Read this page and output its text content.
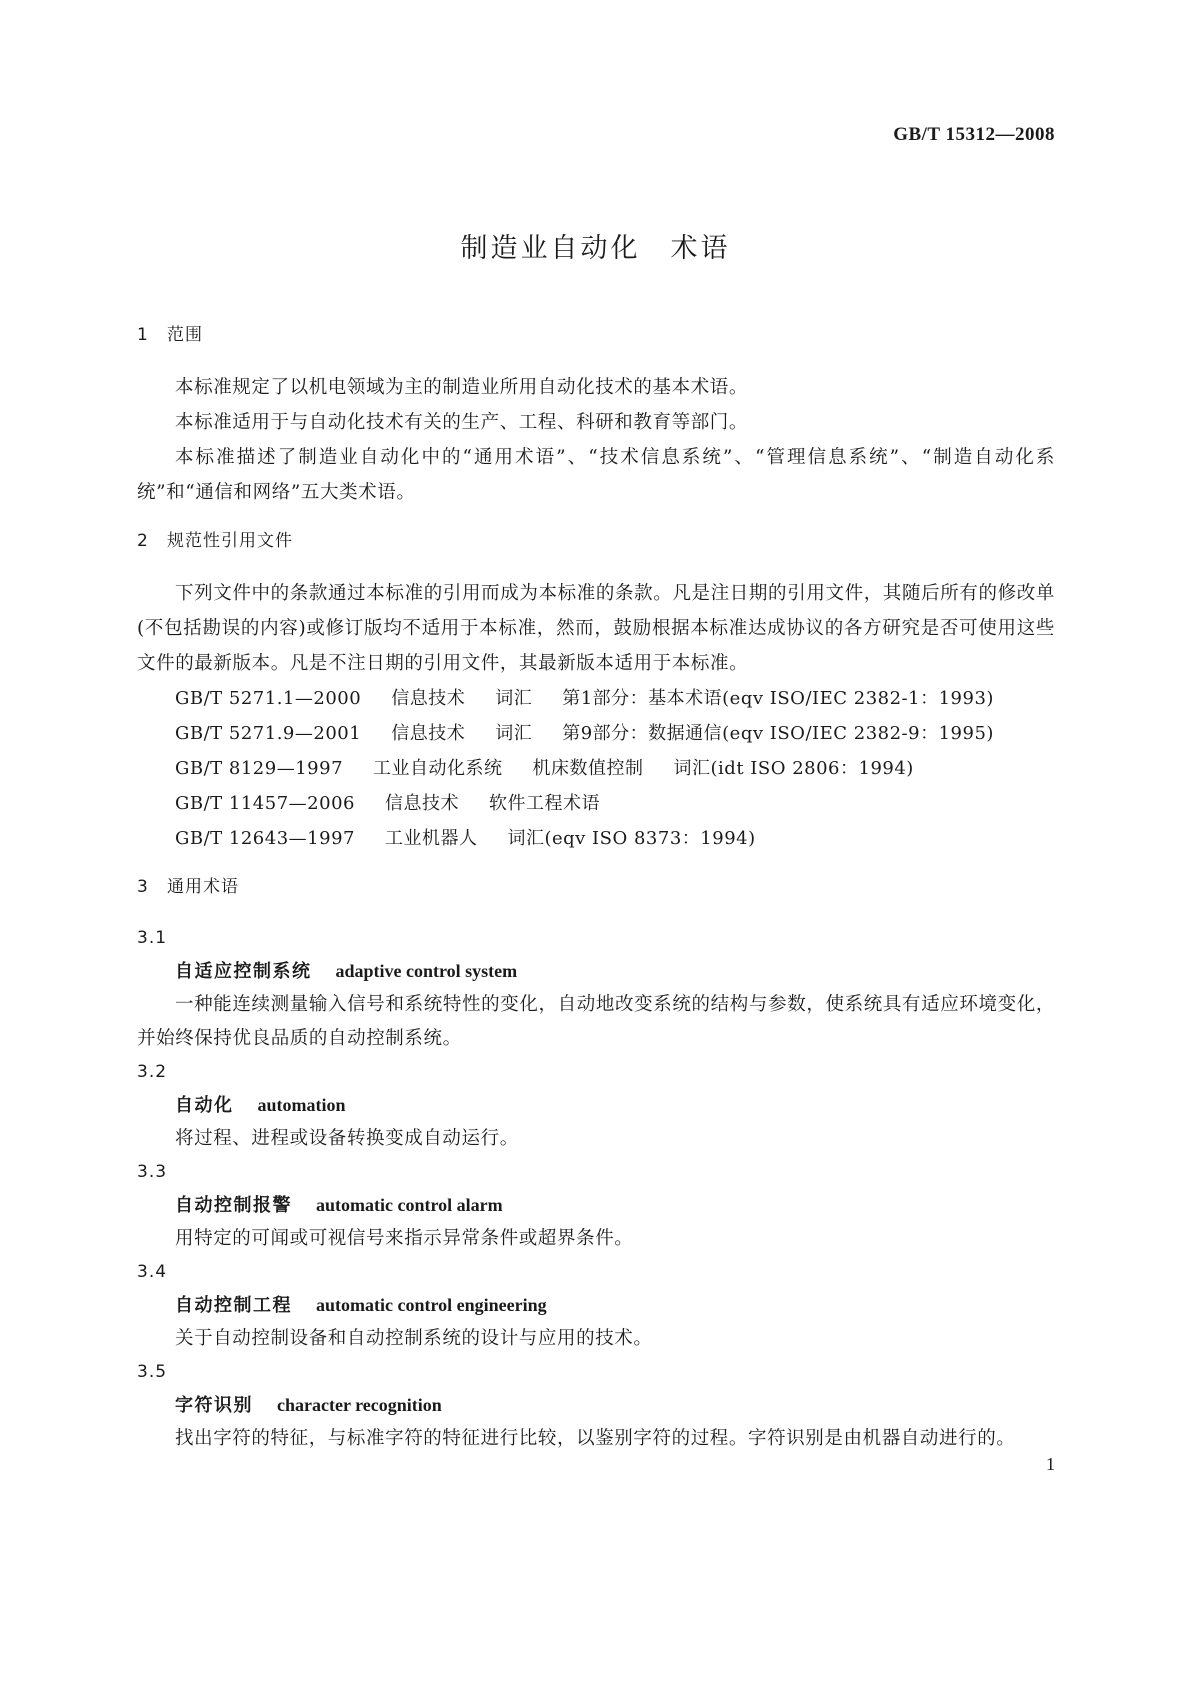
GB/T 15312—2008
制造业自动化　术语
1 范围
本标准规定了以机电领域为主的制造业所用自动化技术的基本术语。
本标准适用于与自动化技术有关的生产、工程、科研和教育等部门。
本标准描述了制造业自动化中的“通用术语”、“技术信息系统”、“管理信息系统”、“制造自动化系统”和“通信和网络”五大类术语。
2 规范性引用文件
下列文件中的条款通过本标准的引用而成为本标准的条款。凡是注日期的引用文件，其随后所有的修改单(不包括勘误的内容)或修订版均不适用于本标准，然而，鼓励根据本标准达成协议的各方研究是否可使用这些文件的最新版本。凡是不注日期的引用文件，其最新版本适用于本标准。
GB/T 5271.1—2000 信息技术 词汇 第1部分：基本术语(eqv ISO/IEC 2382-1：1993)
GB/T 5271.9—2001 信息技术 词汇 第9部分：数据通信(eqv ISO/IEC 2382-9：1995)
GB/T 8129—1997 工业自动化系统 机床数值控制 词汇(idt ISO 2806：1994)
GB/T 11457—2006 信息技术 软件工程术语
GB/T 12643—1997 工业机器人 词汇(eqv ISO 8373：1994)
3 通用术语
3.1
自适应控制系统 adaptive control system
一种能连续测量输入信号和系统特性的变化，自动地改变系统的结构与参数，使系统具有适应环境变化，并始终保持优良品质的自动控制系统。
3.2
自动化 automation
将过程、进程或设备转换变成自动运行。
3.3
自动控制报警 automatic control alarm
用特定的可闻或可视信号来指示异常条件或超界条件。
3.4
自动控制工程 automatic control engineering
关于自动控制设备和自动控制系统的设计与应用的技术。
3.5
字符识别 character recognition
找出字符的特征，与标准字符的特征进行比较，以鉴别字符的过程。字符识别是由机器自动进行的。
1
